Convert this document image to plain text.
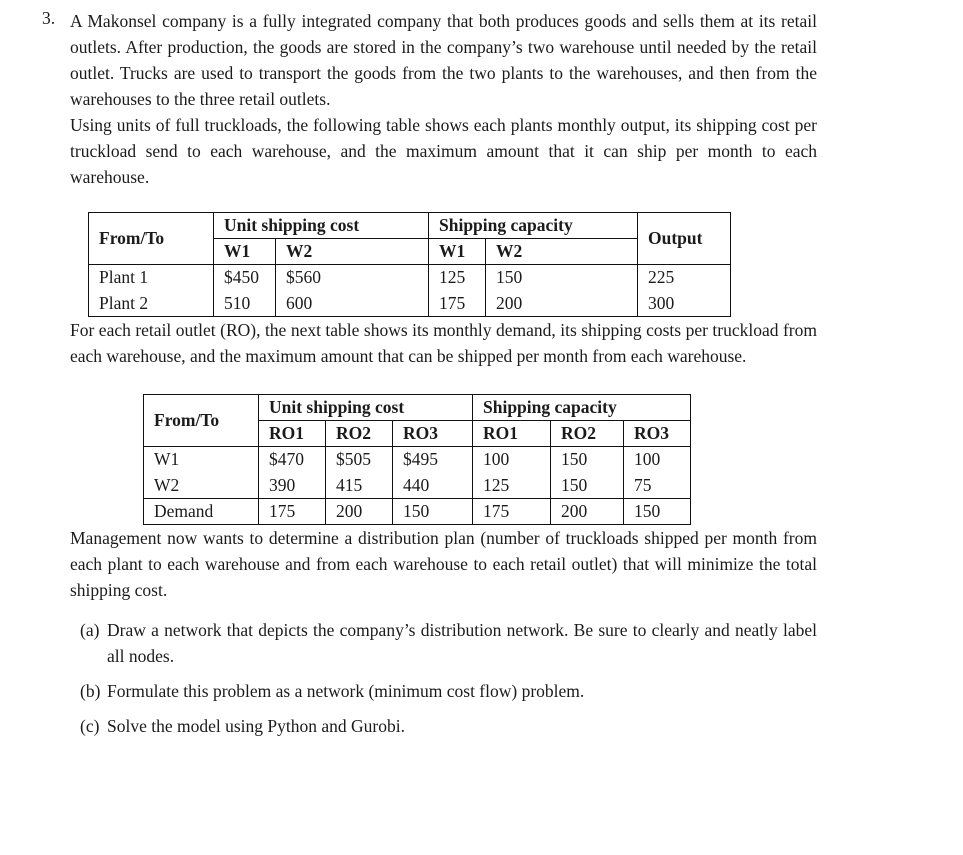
3. A Makonsel company is a fully integrated company that both produces goods and sells them at its retail outlets. After production, the goods are stored in the company’s two warehouse until needed by the retail outlet. Trucks are used to transport the goods from the two plants to the warehouses, and then from the warehouses to the three retail outlets.

Using units of full truckloads, the following table shows each plants monthly output, its shipping cost per truckload send to each warehouse, and the maximum amount that it can ship per month to each warehouse.

From/To	Unit shipping cost		Shipping capacity		Output
	W1	W2	W1	W2	
Plant 1	$450	$560	125	150	225
Plant 2	510	600	175	200	300

For each retail outlet (RO), the next table shows its monthly demand, its shipping costs per truckload from each warehouse, and the maximum amount that can be shipped per month from each warehouse.

From/To	Unit shipping cost			Shipping capacity		
	RO1	RO2	RO3	RO1	RO2	RO3
W1	$470	$505	$495	100	150	100
W2	390	415	440	125	150	75
Demand	175	200	150	175	200	150

Management now wants to determine a distribution plan (number of truckloads shipped per month from each plant to each warehouse and from each warehouse to each retail outlet) that will minimize the total shipping cost.

(a) Draw a network that depicts the company’s distribution network. Be sure to clearly and neatly label all nodes.
(b) Formulate this problem as a network (minimum cost flow) problem.
(c) Solve the model using Python and Gurobi.
